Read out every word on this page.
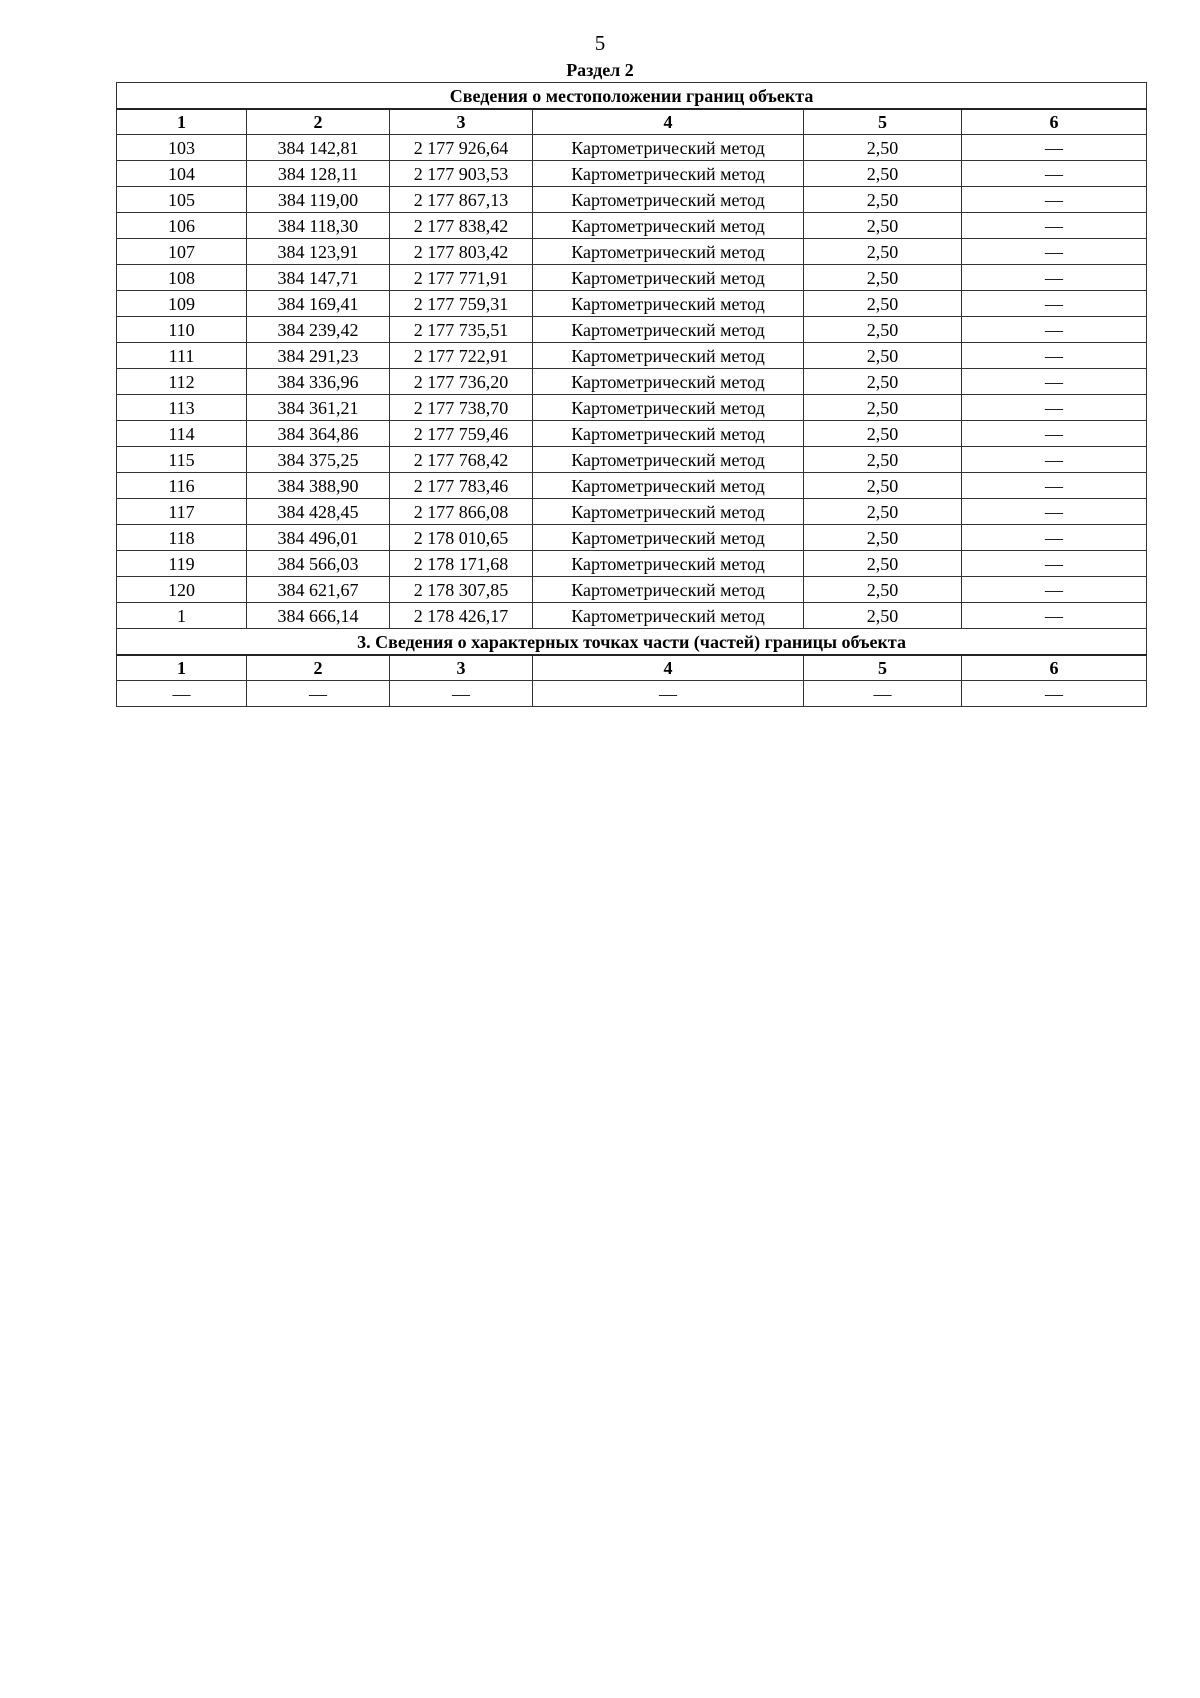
5
Раздел 2
Сведения о местоположении границ объекта					
1	2	3	4	5	6
103	384 142,81	2 177 926,64	Картометрический метод	2,50	—
104	384 128,11	2 177 903,53	Картометрический метод	2,50	—
105	384 119,00	2 177 867,13	Картометрический метод	2,50	—
106	384 118,30	2 177 838,42	Картометрический метод	2,50	—
107	384 123,91	2 177 803,42	Картометрический метод	2,50	—
108	384 147,71	2 177 771,91	Картометрический метод	2,50	—
109	384 169,41	2 177 759,31	Картометрический метод	2,50	—
110	384 239,42	2 177 735,51	Картометрический метод	2,50	—
111	384 291,23	2 177 722,91	Картометрический метод	2,50	—
112	384 336,96	2 177 736,20	Картометрический метод	2,50	—
113	384 361,21	2 177 738,70	Картометрический метод	2,50	—
114	384 364,86	2 177 759,46	Картометрический метод	2,50	—
115	384 375,25	2 177 768,42	Картометрический метод	2,50	—
116	384 388,90	2 177 783,46	Картометрический метод	2,50	—
117	384 428,45	2 177 866,08	Картометрический метод	2,50	—
118	384 496,01	2 178 010,65	Картометрический метод	2,50	—
119	384 566,03	2 178 171,68	Картометрический метод	2,50	—
120	384 621,67	2 178 307,85	Картометрический метод	2,50	—
1	384 666,14	2 178 426,17	Картометрический метод	2,50	—
3. Сведения о характерных точках части (частей) границы объекта					
1	2	3	4	5	6
—	—	—	—	—	—
